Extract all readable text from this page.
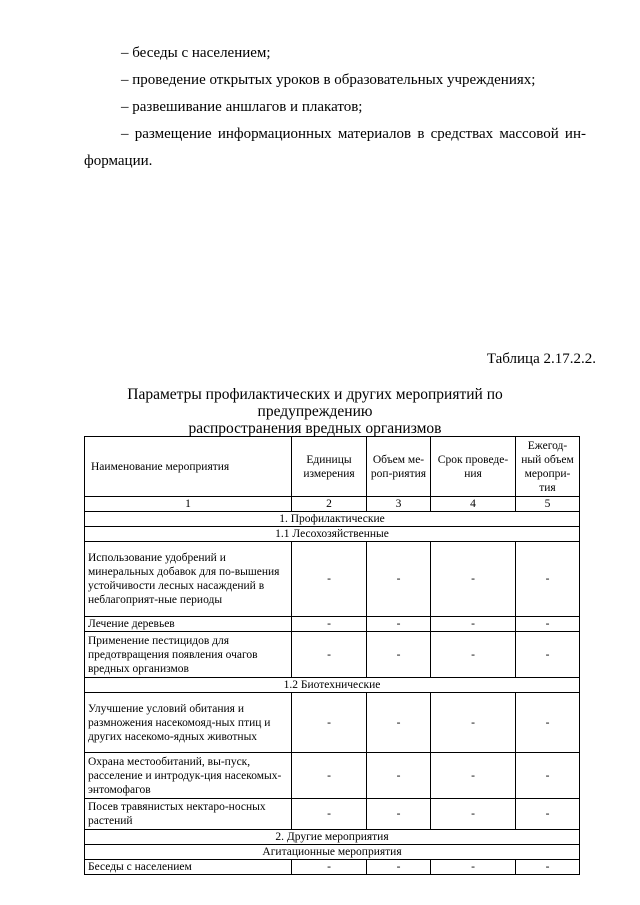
– беседы с населением;
– проведение открытых уроков в образовательных учреждениях;
– развешивание аншлагов и плакатов;
– размещение информационных материалов в средствах массовой ин-
формации.
Таблица 2.17.2.2.
Параметры профилактических и других мероприятий по предупреждению
распространения вредных организмов
Наименование мероприятия	Единицы измерения	Объем ме-роп-риятия	Срок проведе-ния	Ежегод-ный объем меропри-тия
1	2	3	4	5
1. Профилактические				
1.1 Лесохозяйственные				
Использование удобрений и минеральных добавок для по-вышения устойчивости лесных насаждений в неблагоприят-ные периоды	-	-	-	-
Лечение деревьев	-	-	-	-
Применение пестицидов для предотвращения появления очагов вредных организмов	-	-	-	-
1.2 Биотехнические				
Улучшение условий обитания и размножения насекомояд-ных птиц и других насекомо-ядных животных	-	-	-	-
Охрана местообитаний, вы-пуск, расселение и интродук-ция насекомых-энтомофагов	-	-	-	-
Посев травянистых нектаро-носных растений	-	-	-	-
2. Другие мероприятия				
Агитационные мероприятия				
Беседы с населением	-	-	-	-
